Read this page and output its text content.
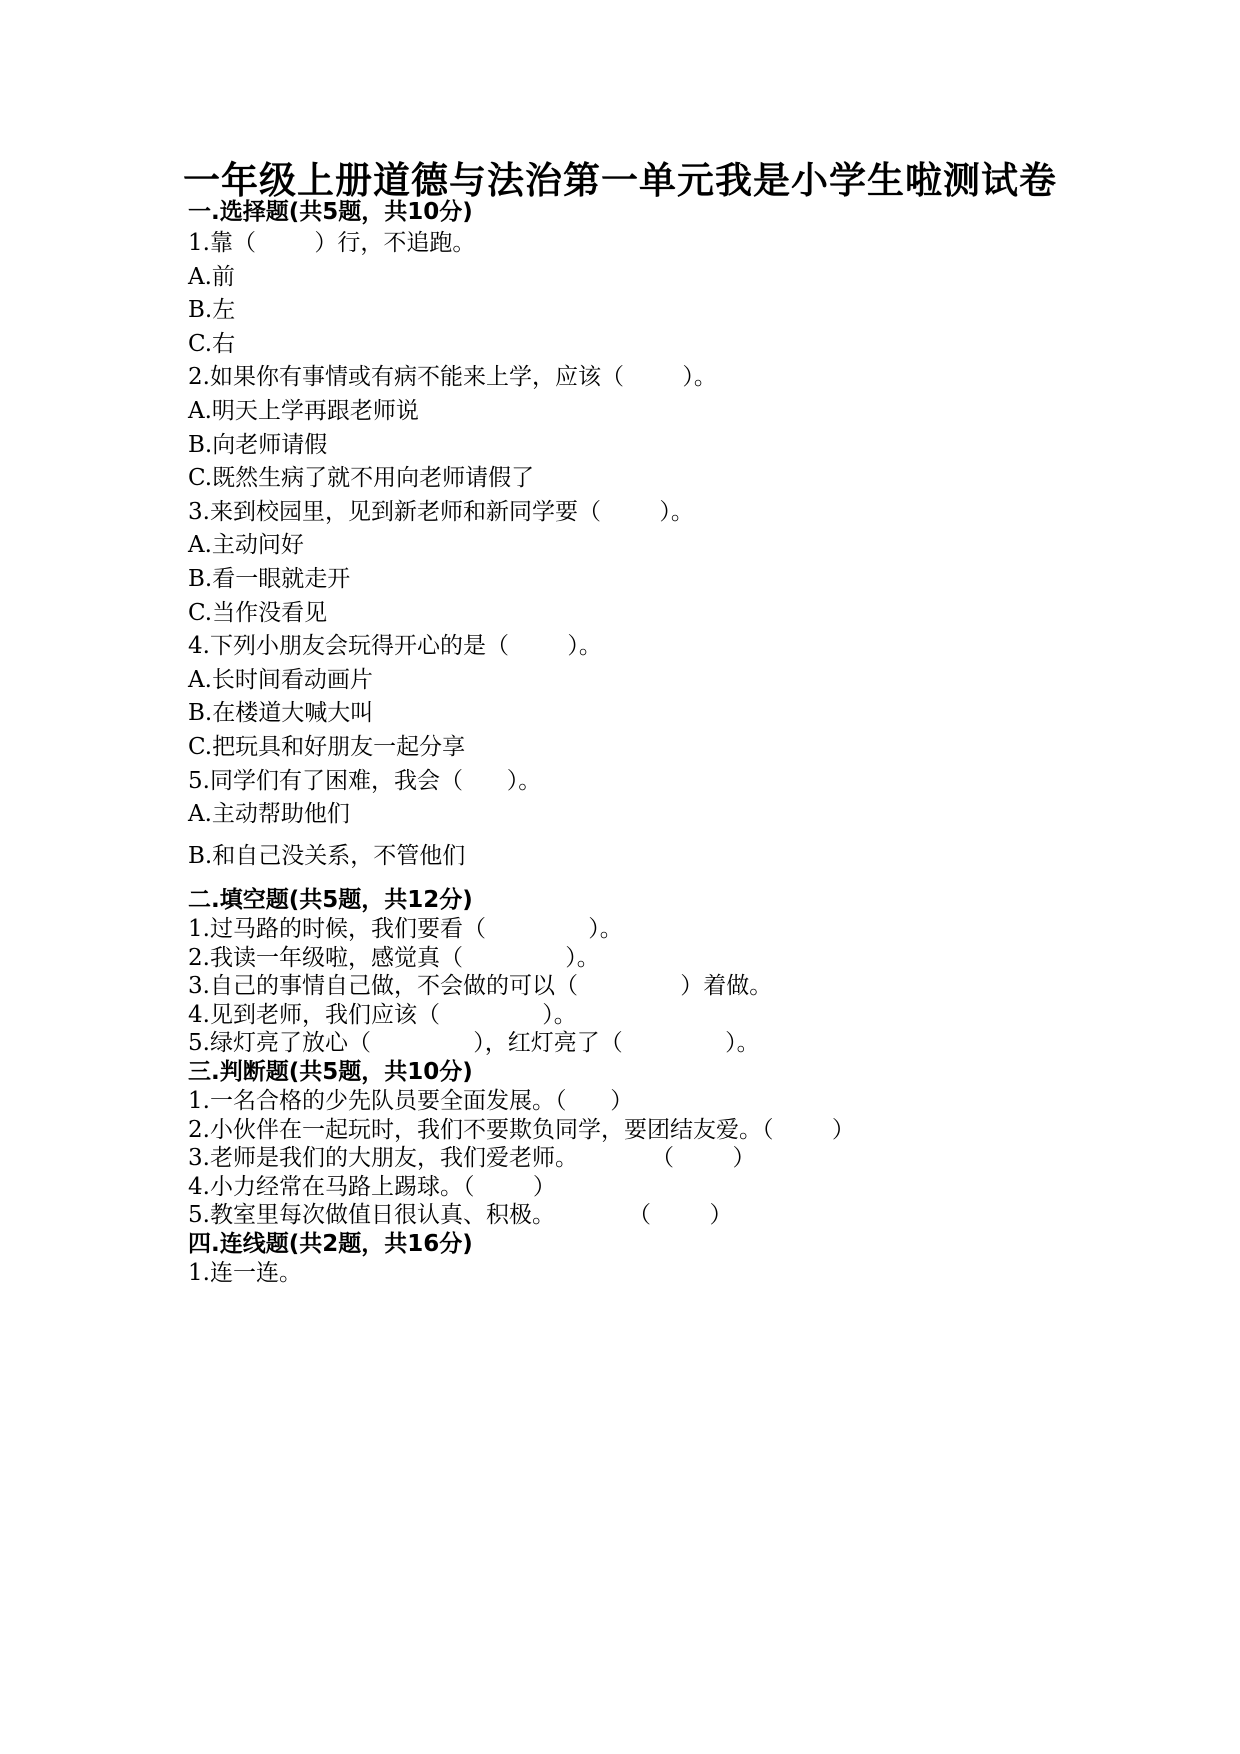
一年级上册道德与法治第一单元我是小学生啦测试卷
一.选择题(共5题，共10分)
1.靠（        ）行，不追跑。
A.前
B.左
C.右
2.如果你有事情或有病不能来上学，应该（        ）。
A.明天上学再跟老师说
B.向老师请假
C.既然生病了就不用向老师请假了
3.来到校园里，见到新老师和新同学要（        ）。
A.主动问好
B.看一眼就走开
C.当作没看见
4.下列小朋友会玩得开心的是（        ）。
A.长时间看动画片
B.在楼道大喊大叫
C.把玩具和好朋友一起分享
5.同学们有了困难，我会（      ）。
A.主动帮助他们
B.和自己没关系，不管他们
二.填空题(共5题，共12分)
1.过马路的时候，我们要看（              ）。
2.我读一年级啦，感觉真（              ）。
3.自己的事情自己做，不会做的可以（              ）着做。
4.见到老师，我们应该（              ）。
5.绿灯亮了放心（              ），红灯亮了（              ）。
三.判断题(共5题，共10分)
1.一名合格的少先队员要全面发展。（      ）
2.小伙伴在一起玩时，我们不要欺负同学，要团结友爱。（        ）
3.老师是我们的大朋友，我们爱老师。          （        ）
4.小力经常在马路上踢球。（        ）
5.教室里每次做值日很认真、积极。          （        ）
四.连线题(共2题，共16分)
1.连一连。
